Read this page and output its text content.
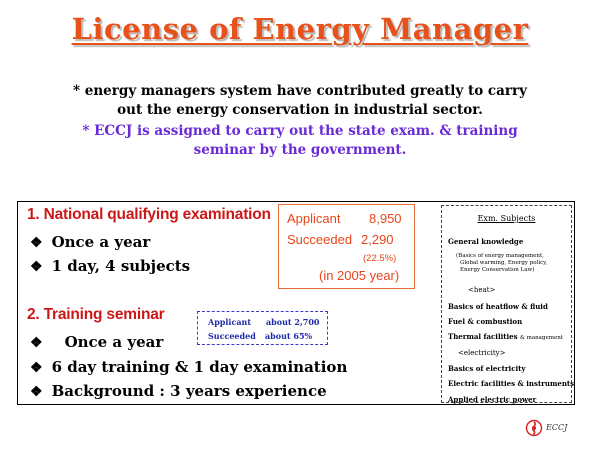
License of Energy Manager
* energy managers system have contributed greatly to carry
out the energy conservation in industrial sector.
* ECCJ is assigned to carry out the state exam. & training
seminar by the government.
1. National qualifying examination
❖ Once a year
❖ 1 day, 4 subjects
Applicant 8,950
Succeeded 2,290
(22.5%)
(in 2005 year)
2. Training seminar	Applicant about 2,700
Succeeded about 65%
❖ Once a year
❖ 6 day training & 1 day examination
❖ Background : 3 years experience
Exm. Subjects
General knowledge
(Basics of energy management,
Global warming, Energy policy,
Energy Conservation Law)
<heat>
Basics of heatflow & fluid
Fuel & combustion
Thermal facilities & management
<electricity>
Basics of electricity
Electric facilities & instruments
Applied electric power
ECCJ
